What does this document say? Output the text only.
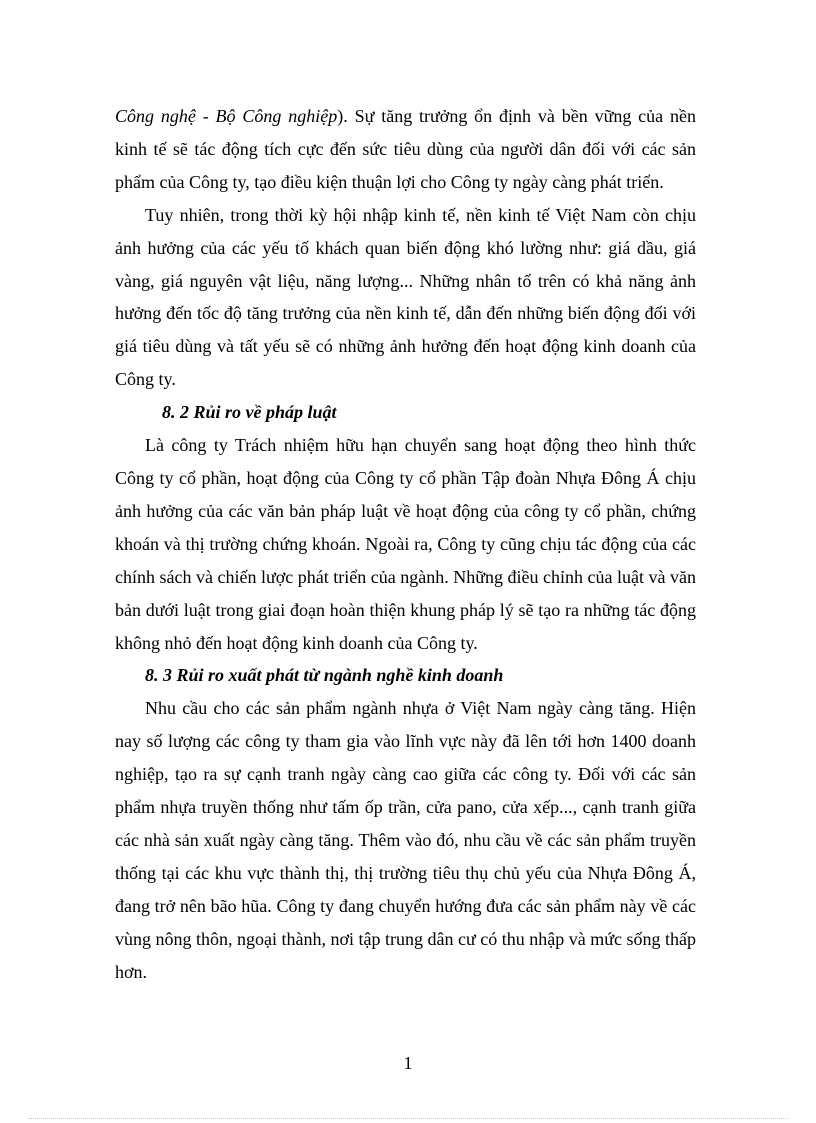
Công nghệ - Bộ Công nghiệp). Sự tăng trưởng ổn định và bền vững của nền kinh tế sẽ tác động tích cực đến sức tiêu dùng của người dân đối với các sản phẩm của Công ty, tạo điều kiện thuận lợi cho Công ty ngày càng phát triển.

Tuy nhiên, trong thời kỳ hội nhập kinh tế, nền kinh tế Việt Nam còn chịu ảnh hưởng của các yếu tố khách quan biến động khó lường như: giá dầu, giá vàng, giá nguyên vật liệu, năng lượng... Những nhân tố trên có khả năng ảnh hưởng đến tốc độ tăng trưởng của nền kinh tế, dẫn đến những biến động đối với giá tiêu dùng và tất yếu sẽ có những ảnh hưởng đến hoạt động kinh doanh của Công ty.

8. 2 Rủi ro về pháp luật

Là công ty Trách nhiệm hữu hạn chuyển sang hoạt động theo hình thức Công ty cổ phần, hoạt động của Công ty cổ phần Tập đoàn Nhựa Đông Á chịu ảnh hưởng của các văn bản pháp luật về hoạt động của công ty cổ phần, chứng khoán và thị trường chứng khoán. Ngoài ra, Công ty cũng chịu tác động của các chính sách và chiến lược phát triển của ngành. Những điều chỉnh của luật và văn bản dưới luật trong giai đoạn hoàn thiện khung pháp lý sẽ tạo ra những tác động không nhỏ đến hoạt động kinh doanh của Công ty.

8. 3 Rủi ro xuất phát từ ngành nghề kinh doanh

Nhu cầu cho các sản phẩm ngành nhựa ở Việt Nam ngày càng tăng. Hiện nay số lượng các công ty tham gia vào lĩnh vực này đã lên tới hơn 1400 doanh nghiệp, tạo ra sự cạnh tranh ngày càng cao giữa các công ty. Đối với các sản phẩm nhựa truyền thống như tấm ốp trần, cửa pano, cửa xếp..., cạnh tranh giữa các nhà sản xuất ngày càng tăng. Thêm vào đó, nhu cầu về các sản phẩm truyền thống tại các khu vực thành thị, thị trường tiêu thụ chủ yếu của Nhựa Đông Á, đang trở nên bão hũa. Công ty đang chuyển hướng đưa các sản phẩm này về các vùng nông thôn, ngoại thành, nơi tập trung dân cư có thu nhập và mức sống thấp hơn.

1
